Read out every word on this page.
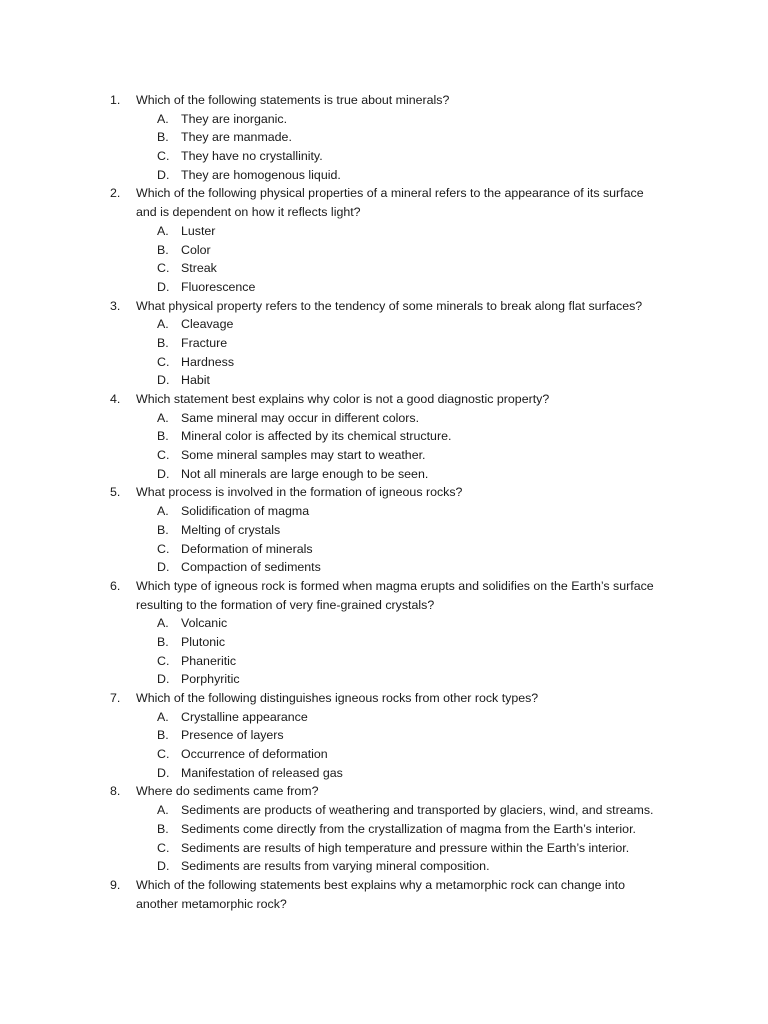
1.	Which of the following statements is true about minerals?
A. They are inorganic.
B. They are manmade.
C. They have no crystallinity.
D. They are homogenous liquid.
2.	Which of the following physical properties of a mineral refers to the appearance of its surface
and is dependent on how it reflects light?
A. Luster
B. Color
C. Streak
D. Fluorescence
3.	What physical property refers to the tendency of some minerals to break along flat surfaces?
A. Cleavage
B. Fracture
C. Hardness
D. Habit
4.	Which statement best explains why color is not a good diagnostic property?
A. Same mineral may occur in different colors.
B. Mineral color is affected by its chemical structure.
C. Some mineral samples may start to weather.
D. Not all minerals are large enough to be seen.
5.	What process is involved in the formation of igneous rocks?
A. Solidification of magma
B. Melting of crystals
C. Deformation of minerals
D. Compaction of sediments
6.	Which type of igneous rock is formed when magma erupts and solidifies on the Earth’s surface
resulting to the formation of very fine-grained crystals?
A. Volcanic
B. Plutonic
C. Phaneritic
D. Porphyritic
7.	Which of the following distinguishes igneous rocks from other rock types?
A. Crystalline appearance
B. Presence of layers
C. Occurrence of deformation
D. Manifestation of released gas
8.	Where do sediments came from?
A. Sediments are products of weathering and transported by glaciers, wind, and streams.
B. Sediments come directly from the crystallization of magma from the Earth’s interior.
C. Sediments are results of high temperature and pressure within the Earth’s interior.
D. Sediments are results from varying mineral composition.
9.	Which of the following statements best explains why a metamorphic rock can change into
another metamorphic rock?
